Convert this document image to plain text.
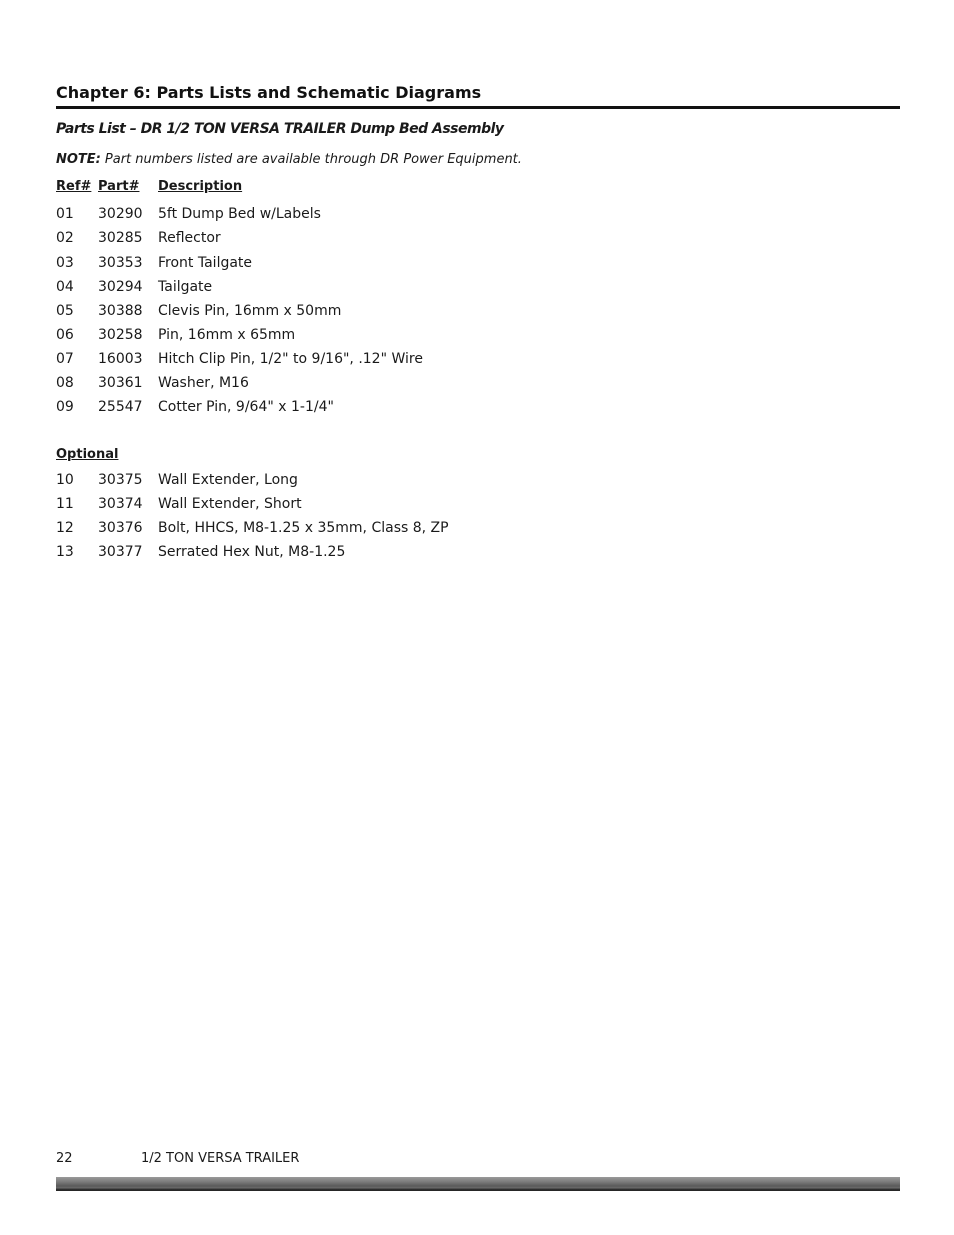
Chapter 6: Parts Lists and Schematic Diagrams
Parts List – DR 1/2 TON VERSA TRAILER Dump Bed Assembly
NOTE: Part numbers listed are available through DR Power Equipment.
Ref# Part# Description
01 30290 5ft Dump Bed w/Labels
02 30285 Reflector
03 30353 Front Tailgate
04 30294 Tailgate
05 30388 Clevis Pin, 16mm x 50mm
06 30258 Pin, 16mm x 65mm
07 16003 Hitch Clip Pin, 1/2" to 9/16", .12" Wire
08 30361 Washer, M16
09 25547 Cotter Pin, 9/64" x 1-1/4"
Optional
10 30375 Wall Extender, Long
11 30374 Wall Extender, Short
12 30376 Bolt, HHCS, M8-1.25 x 35mm, Class 8, ZP
13 30377 Serrated Hex Nut, M8-1.25
22	1/2 TON VERSA TRAILER
